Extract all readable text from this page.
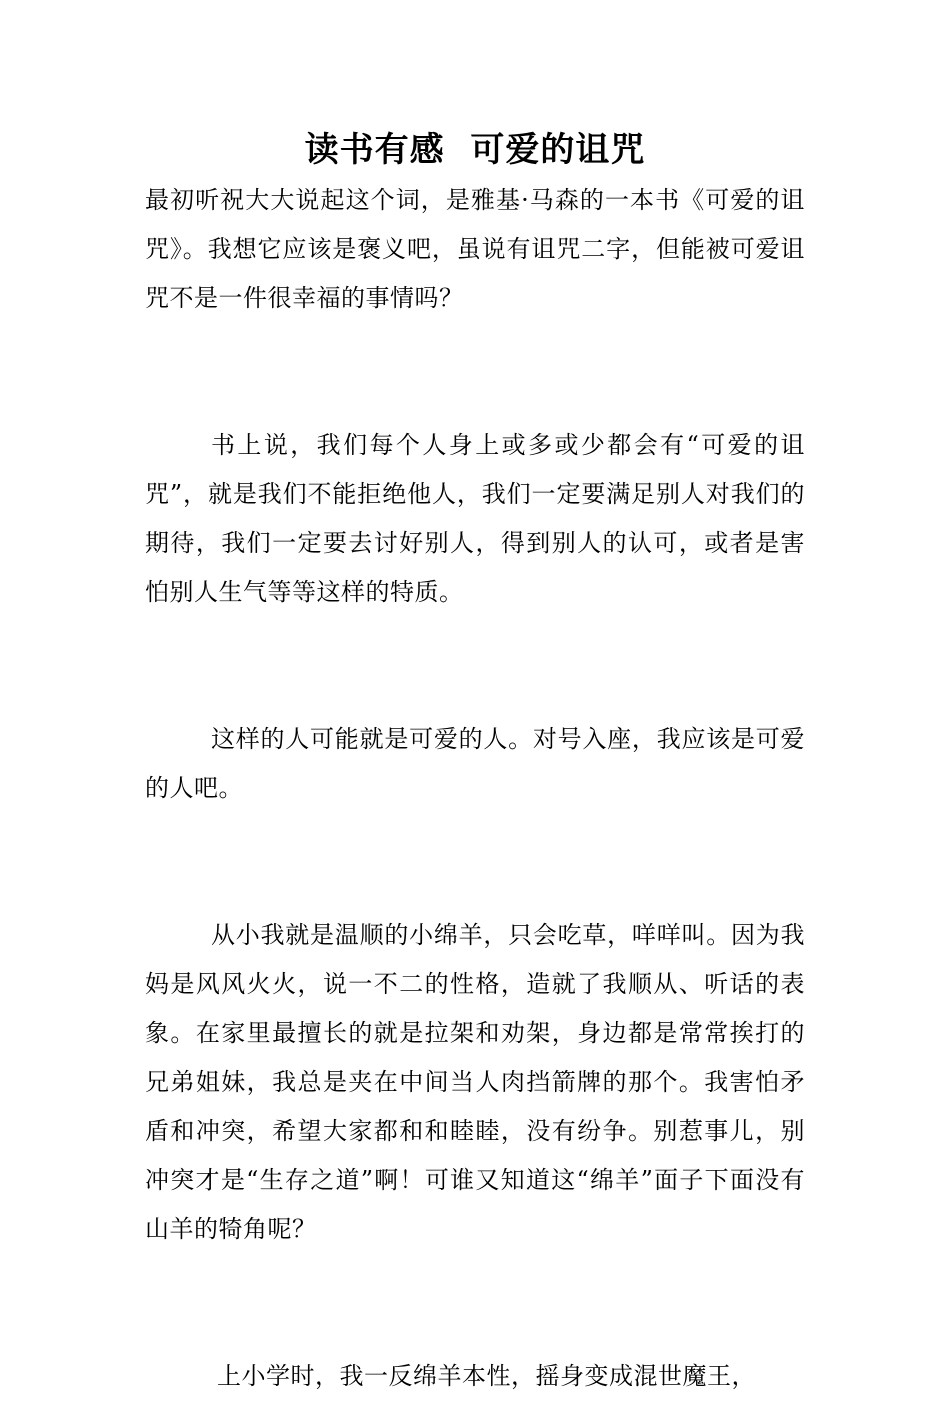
读书有感  可爱的诅咒

最初听祝大大说起这个词，是雅基·马森的一本书《可爱的诅咒》。我想它应该是褒义吧，虽说有诅咒二字，但能被可爱诅咒不是一件很幸福的事情吗？

书上说，我们每个人身上或多或少都会有“可爱的诅咒”，就是我们不能拒绝他人，我们一定要满足别人对我们的期待，我们一定要去讨好别人，得到别人的认可，或者是害怕别人生气等等这样的特质。

这样的人可能就是可爱的人。对号入座，我应该是可爱的人吧。

从小我就是温顺的小绵羊，只会吃草，咩咩叫。因为我妈是风风火火，说一不二的性格，造就了我顺从、听话的表象。在家里最擅长的就是拉架和劝架，身边都是常常挨打的兄弟姐妹，我总是夹在中间当人肉挡箭牌的那个。我害怕矛盾和冲突，希望大家都和和睦睦，没有纷争。别惹事儿，别冲突才是“生存之道”啊！可谁又知道这“绵羊”面子下面没有山羊的犄角呢？

上小学时，我一反绵羊本性，摇身变成混世魔王，
